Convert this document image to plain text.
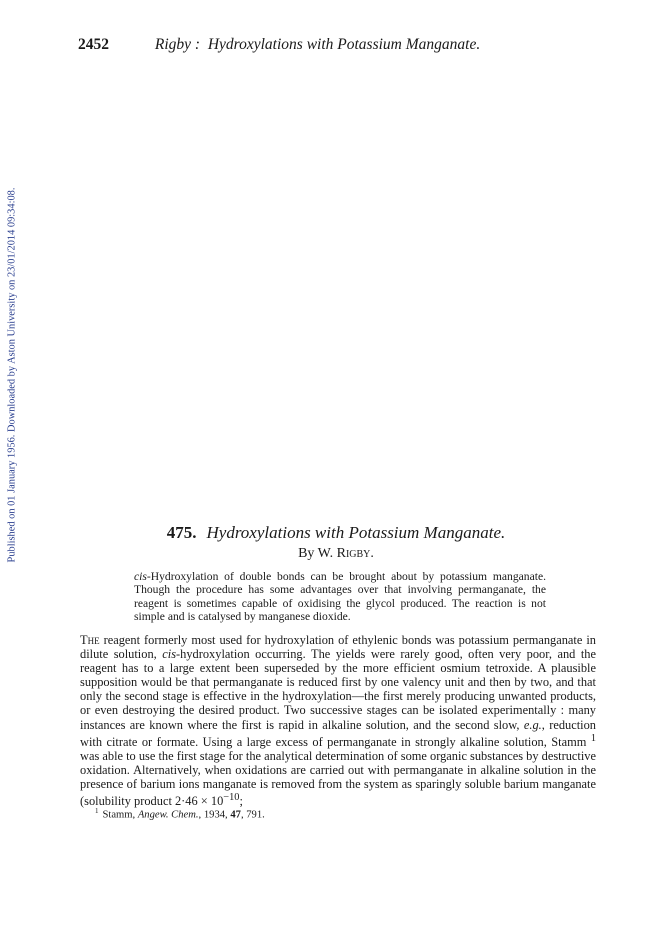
2452	Rigby : Hydroxylations with Potassium Manganate.
Published on 01 January 1956. Downloaded by Aston University on 23/01/2014 09:34:08.	475. Hydroxylations with Potassium Manganate.
By W. Rigby.

cis-Hydroxylation of double bonds can be brought about by potassium manganate. Though the procedure has some advantages over that involving permanganate, the reagent is sometimes capable of oxidising the glycol produced. The reaction is not simple and is catalysed by manganese dioxide.

The reagent formerly most used for hydroxylation of ethylenic bonds was potassium permanganate in dilute solution, cis-hydroxylation occurring. The yields were rarely good, often very poor, and the reagent has to a large extent been superseded by the more efficient osmium tetroxide. A plausible supposition would be that permanganate is reduced first by one valency unit and then by two, and that only the second stage is effective in the hydroxylation—the first merely producing unwanted products, or even destroying the desired product. Two successive stages can be isolated experimentally : many instances are known where the first is rapid in alkaline solution, and the second slow, e.g., reduction with citrate or formate. Using a large excess of permanganate in strongly alkaline solution, Stamm $^1$ was able to use the first stage for the analytical determination of some organic substances by destructive oxidation. Alternatively, when oxidations are carried out with permanganate in alkaline solution in the presence of barium ions manganate is removed from the system as sparingly soluble barium manganate (solubility product $2\cdot 46 \times 10^{-10}$;

$^1$ Stamm, Angew. Chem., 1934, 47, 791.
